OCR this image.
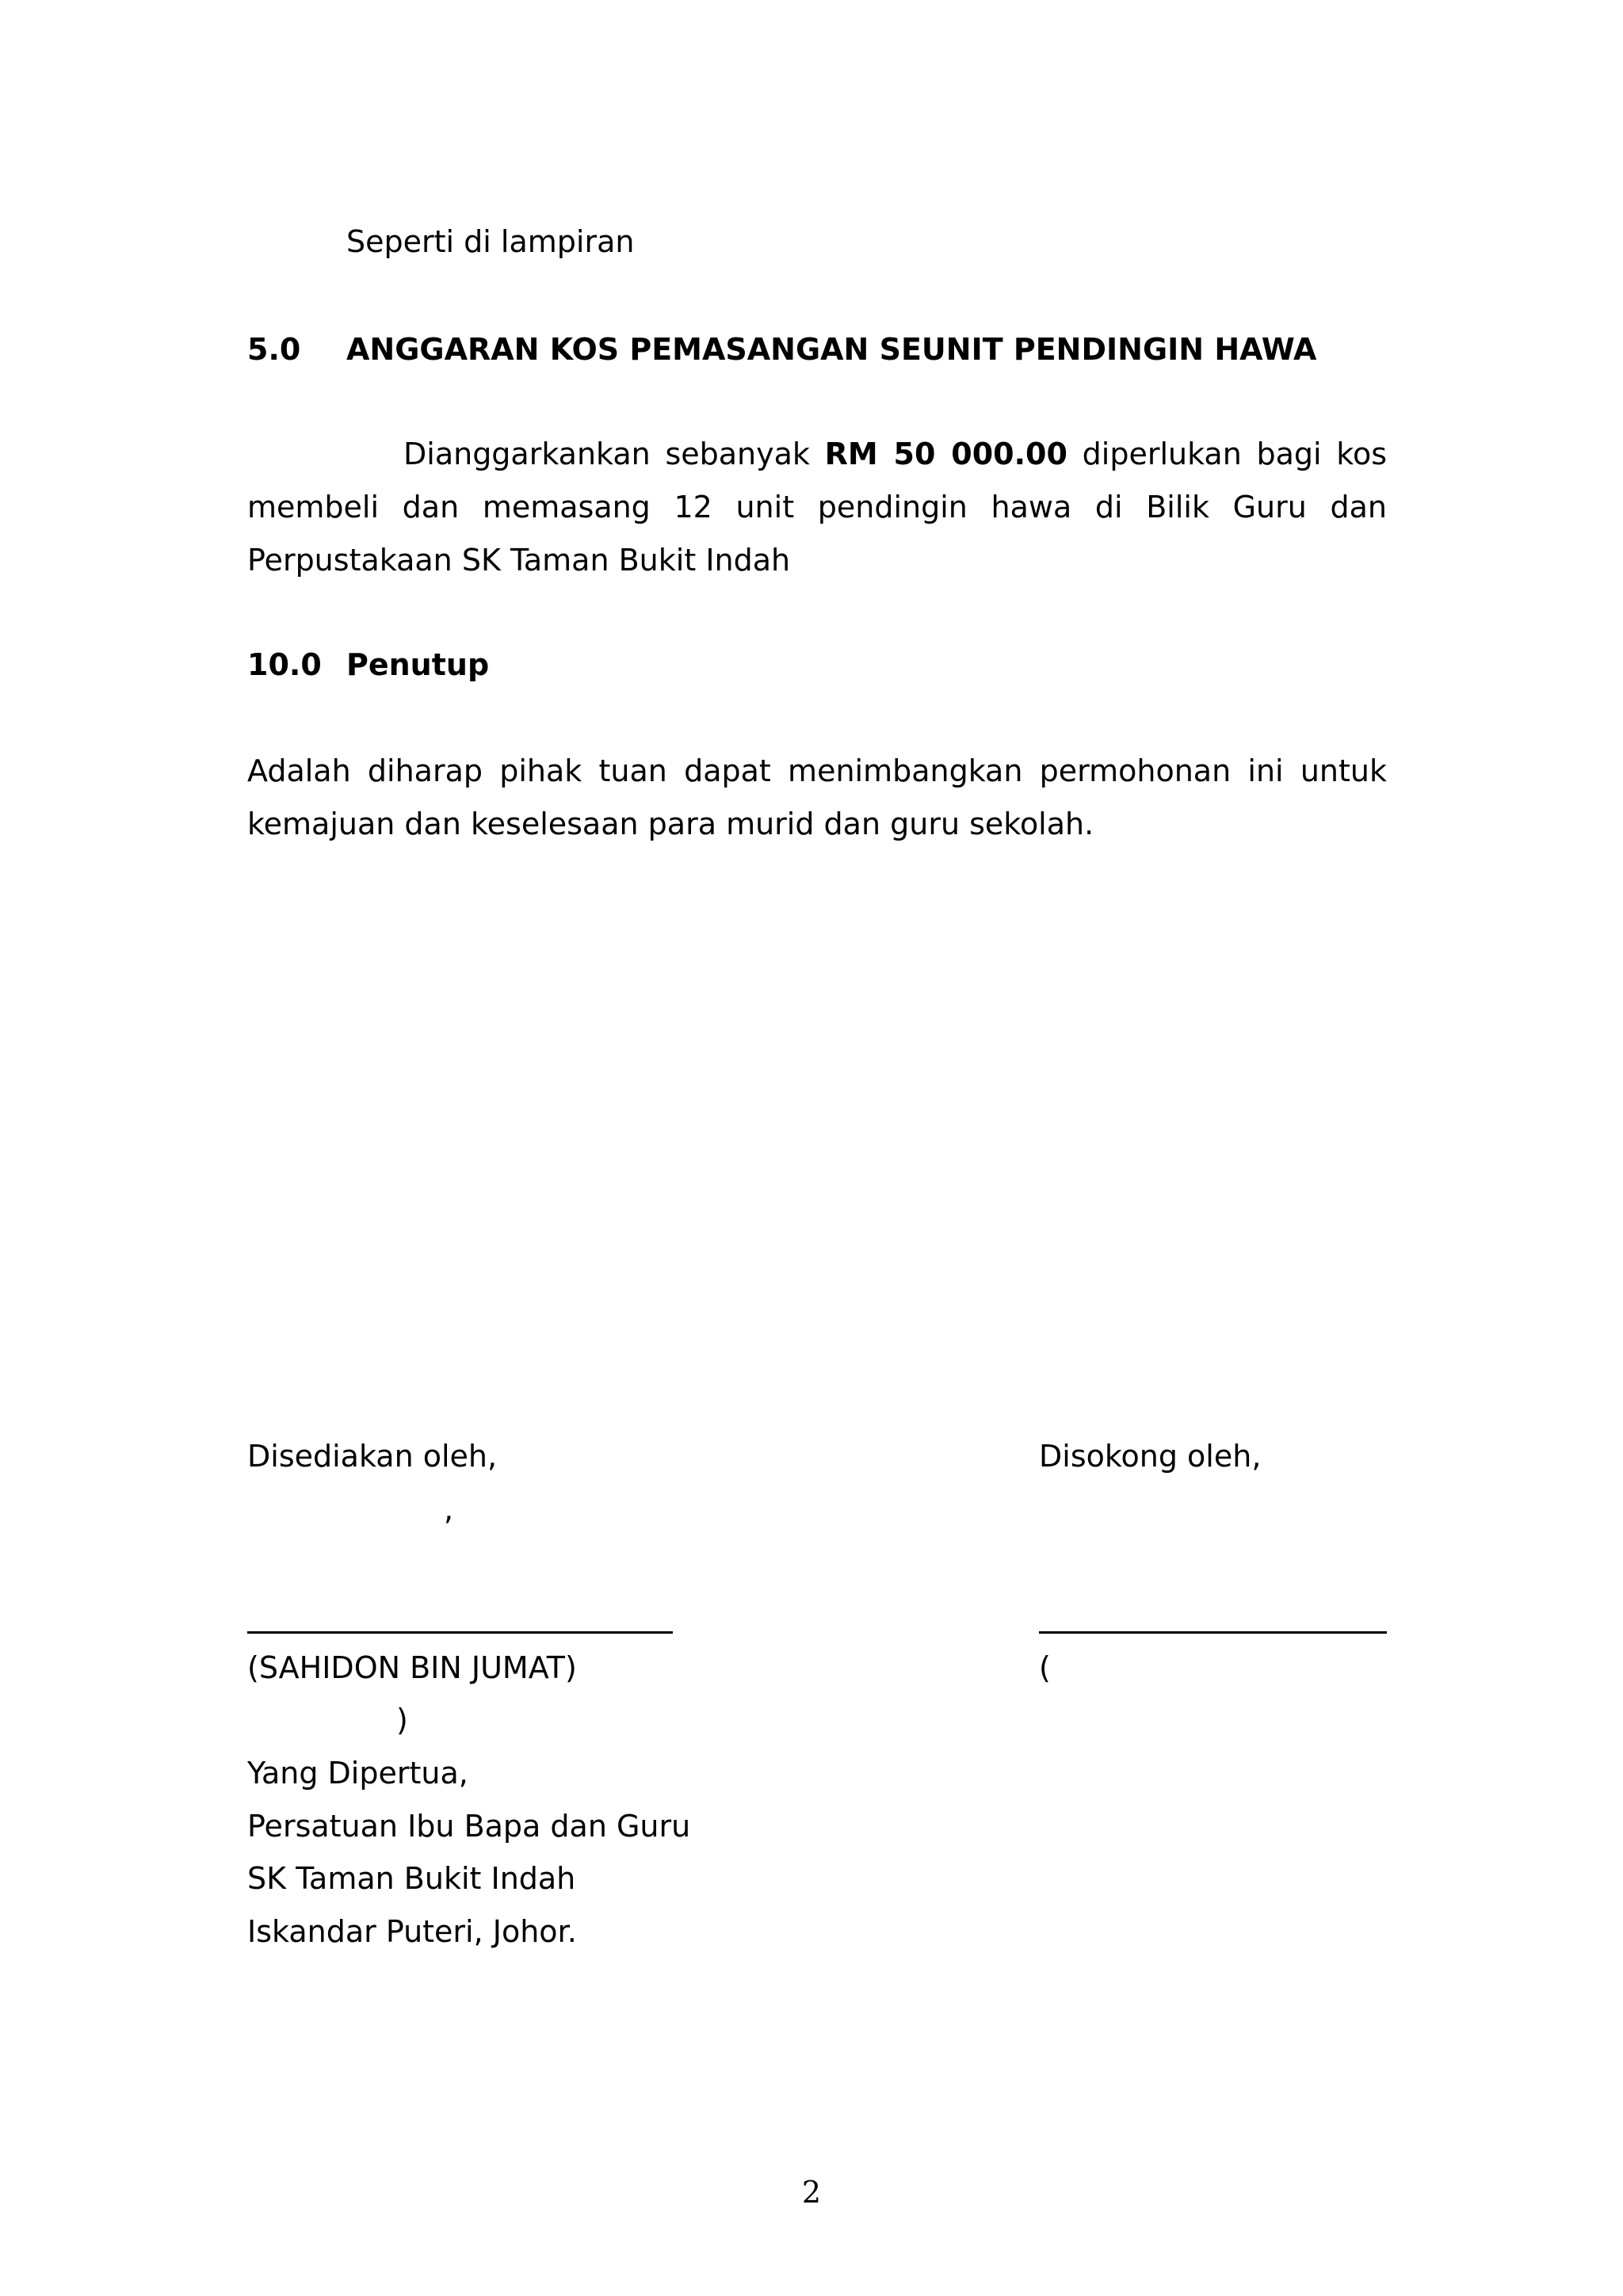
Seperti di lampiran

5.0 ANGGARAN KOS PEMASANGAN SEUNIT PENDINGIN HAWA

Dianggarkankan sebanyak RM 50 000.00 diperlukan bagi kos membeli dan memasang 12 unit pendingin hawa di Bilik Guru dan Perpustakaan SK Taman Bukit Indah

10.0 Penutup

Adalah diharap pihak tuan dapat menimbangkan permohonan ini untuk kemajuan dan keselesaan para murid dan guru sekolah.

Disediakan oleh,

,

(SAHIDON BIN JUMAT)

)

Yang Dipertua,

Persatuan Ibu Bapa dan Guru

SK Taman Bukit Indah

Iskandar Puteri, Johor.

Disokong oleh,

(

2
